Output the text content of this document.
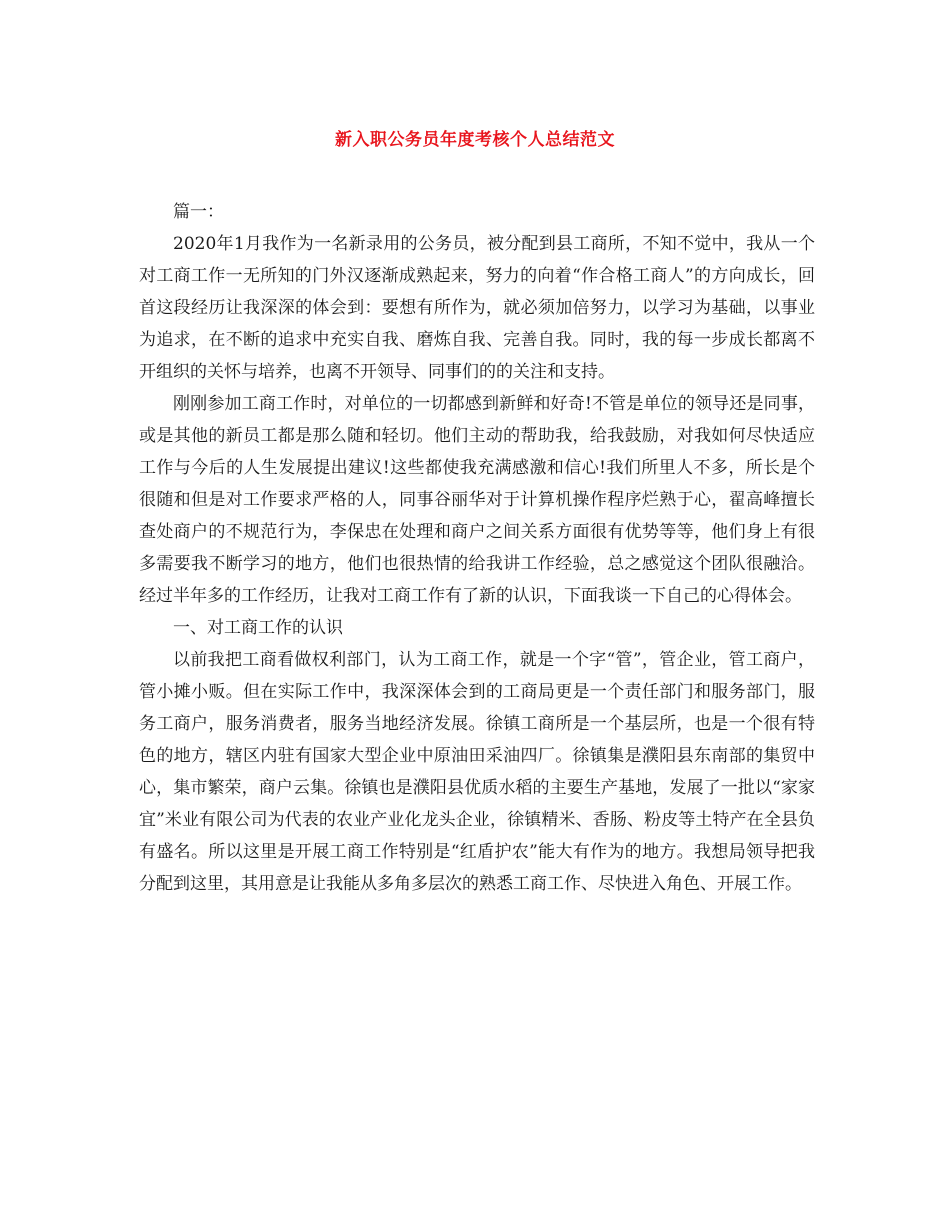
新入职公务员年度考核个人总结范文

篇一：

2020年1月我作为一名新录用的公务员，被分配到县工商所，不知不觉中，我从一个对工商工作一无所知的门外汉逐渐成熟起来，努力的向着“作合格工商人”的方向成长，回首这段经历让我深深的体会到：要想有所作为，就必须加倍努力，以学习为基础，以事业为追求，在不断的追求中充实自我、磨炼自我、完善自我。同时，我的每一步成长都离不开组织的关怀与培养，也离不开领导、同事们的的关注和支持。

刚刚参加工商工作时，对单位的一切都感到新鲜和好奇!不管是单位的领导还是同事，或是其他的新员工都是那么随和轻切。他们主动的帮助我，给我鼓励，对我如何尽快适应工作与今后的人生发展提出建议!这些都使我充满感激和信心!我们所里人不多，所长是个很随和但是对工作要求严格的人，同事谷丽华对于计算机操作程序烂熟于心，翟高峰擅长查处商户的不规范行为，李保忠在处理和商户之间关系方面很有优势等等，他们身上有很多需要我不断学习的地方，他们也很热情的给我讲工作经验，总之感觉这个团队很融洽。经过半年多的工作经历，让我对工商工作有了新的认识，下面我谈一下自己的心得体会。

一、对工商工作的认识

以前我把工商看做权利部门，认为工商工作，就是一个字“管”，管企业，管工商户，管小摊小贩。但在实际工作中，我深深体会到的工商局更是一个责任部门和服务部门，服务工商户，服务消费者，服务当地经济发展。徐镇工商所是一个基层所，也是一个很有特色的地方，辖区内驻有国家大型企业中原油田采油四厂。徐镇集是濮阳县东南部的集贸中心，集市繁荣，商户云集。徐镇也是濮阳县优质水稻的主要生产基地，发展了一批以“家家宜”米业有限公司为代表的农业产业化龙头企业，徐镇精米、香肠、粉皮等土特产在全县负有盛名。所以这里是开展工商工作特别是“红盾护农”能大有作为的地方。我想局领导把我分配到这里，其用意是让我能从多角多层次的熟悉工商工作、尽快进入角色、开展工作。
